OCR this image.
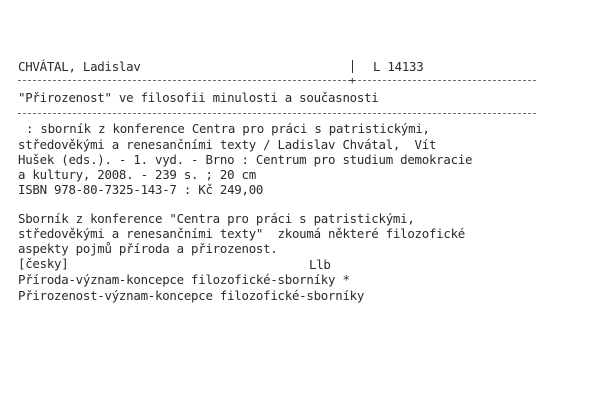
CHVÁTAL, Ladislav	L 14133
+
"Přirozenost" ve filosofii minulosti a současnosti
: sborník z konference Centra pro práci s patristickými,
středověkými a renesančními texty / Ladislav Chvátal,  Vít
Hušek (eds.). - 1. vyd. - Brno : Centrum pro studium demokracie
a kultury, 2008. - 239 s. ; 20 cm
ISBN 978-80-7325-143-7 : Kč 249,00
Sborník z konference "Centra pro práci s patristickými,
středověkými a renesančními texty"  zkoumá některé filozofické
aspekty pojmů příroda a přirozenost.
[česky]	Llb
Příroda-význam-koncepce filozofické-sborníky *
Přirozenost-význam-koncepce filozofické-sborníky
